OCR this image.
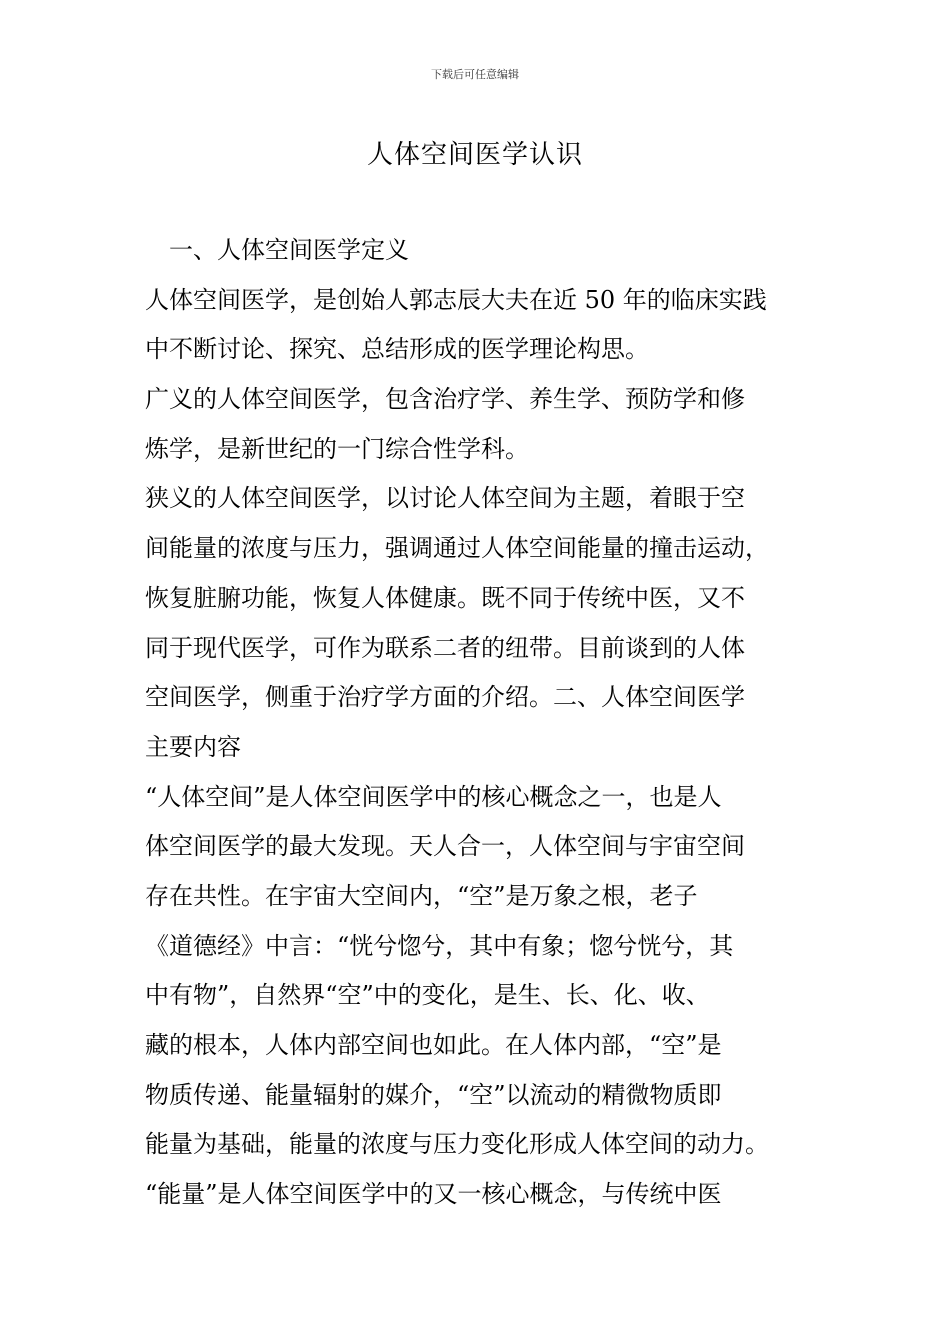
下载后可任意编辑
人体空间医学认识
一、人体空间医学定义
人体空间医学，是创始人郭志辰大夫在近 50 年的临床实践
中不断讨论、探究、总结形成的医学理论构思。
广义的人体空间医学，包含治疗学、养生学、预防学和修
炼学，是新世纪的一门综合性学科。
狭义的人体空间医学，以讨论人体空间为主题，着眼于空
间能量的浓度与压力，强调通过人体空间能量的撞击运动，
恢复脏腑功能，恢复人体健康。既不同于传统中医，又不
同于现代医学，可作为联系二者的纽带。目前谈到的人体
空间医学，侧重于治疗学方面的介绍。二、人体空间医学
主要内容
“人体空间”是人体空间医学中的核心概念之一，也是人
体空间医学的最大发现。天人合一，人体空间与宇宙空间
存在共性。在宇宙大空间内，“空”是万象之根，老子
《道德经》中言：“恍兮惚兮，其中有象；惚兮恍兮，其
中有物”，自然界“空”中的变化，是生、长、化、收、
藏的根本，人体内部空间也如此。在人体内部，“空”是
物质传递、能量辐射的媒介，“空”以流动的精微物质即
能量为基础，能量的浓度与压力变化形成人体空间的动力。
“能量”是人体空间医学中的又一核心概念，与传统中医
